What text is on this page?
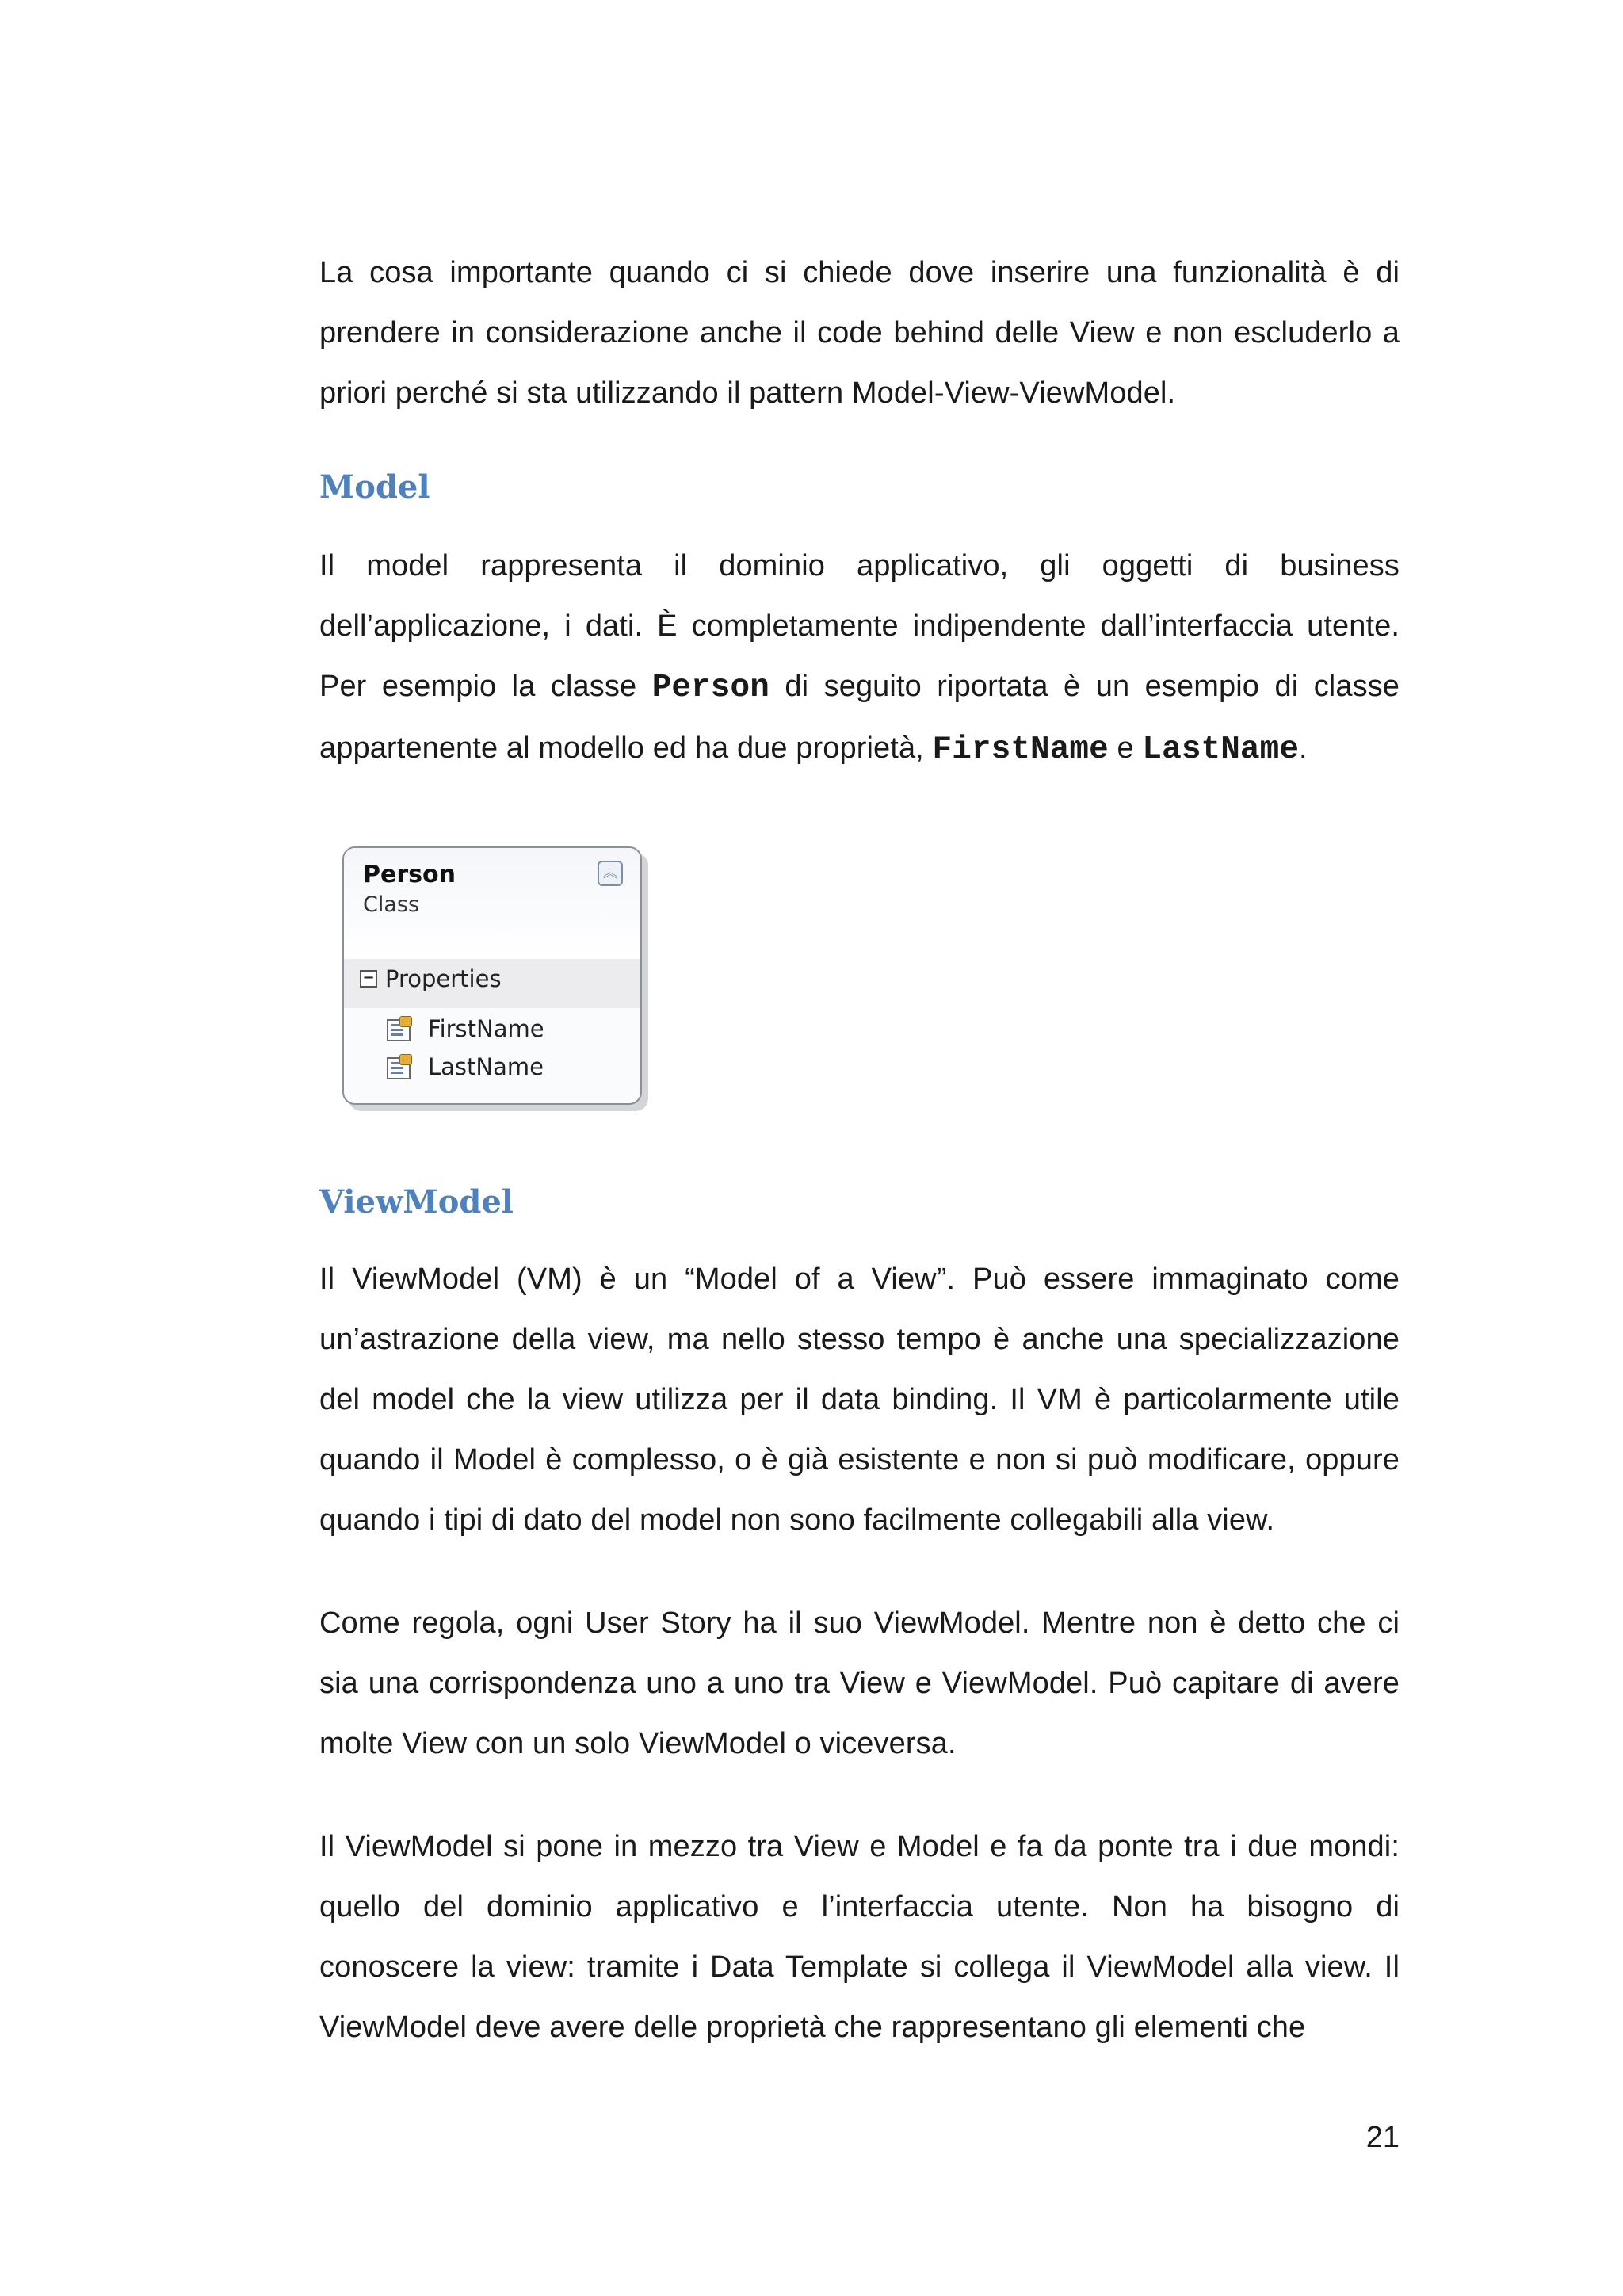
La cosa importante quando ci si chiede dove inserire una funzionalità è di prendere in considerazione anche il code behind delle View e non escluderlo a priori perché si sta utilizzando il pattern Model-View-ViewModel.

Model

Il model rappresenta il dominio applicativo, gli oggetti di business dell’applicazione, i dati. È completamente indipendente dall’interfaccia utente. Per esempio la classe Person di seguito riportata è un esempio di classe appartenente al modello ed ha due proprietà, FirstName e LastName.

Person
Class
︽
− Properties
FirstName
LastName
ViewModel

Il ViewModel (VM) è un “Model of a View”. Può essere immaginato come un’astrazione della view, ma nello stesso tempo è anche una specializzazione del model che la view utilizza per il data binding. Il VM è particolarmente utile quando il Model è complesso, o è già esistente e non si può modificare, oppure quando i tipi di dato del model non sono facilmente collegabili alla view.

Come regola, ogni User Story ha il suo ViewModel. Mentre non è detto che ci sia una corrispondenza uno a uno tra View e ViewModel. Può capitare di avere molte View con un solo ViewModel o viceversa.

Il ViewModel si pone in mezzo tra View e Model e fa da ponte tra i due mondi: quello del dominio applicativo e l’interfaccia utente. Non ha bisogno di conoscere la view: tramite i Data Template si collega il ViewModel alla view. Il ViewModel deve avere delle proprietà che rappresentano gli elementi che

21
